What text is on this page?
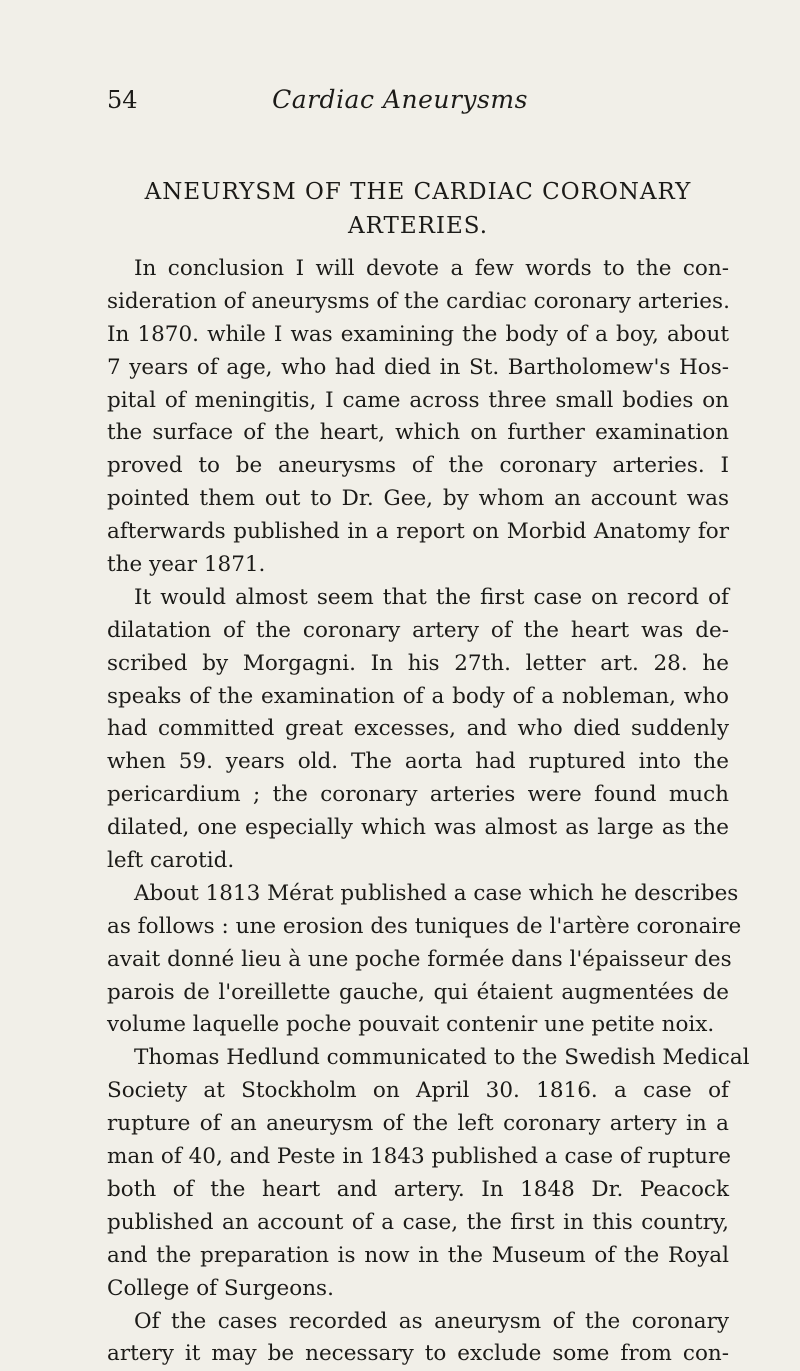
54	Cardiac Aneurysms
ANEURYSM OF THE CARDIAC CORONARY ARTERIES.
In conclusion I will devote a few words to the con-
sideration of aneurysms of the cardiac coronary arteries.
In 1870. while I was examining the body of a boy, about
7 years of age, who had died in St. Bartholomew's Hos-
pital of meningitis, I came across three small bodies on
the surface of the heart, which on further examination
proved to be aneurysms of the coronary arteries. I
pointed them out to Dr. Gee, by whom an account was
afterwards published in a report on Morbid Anatomy for
the year 1871.
It would almost seem that the first case on record of
dilatation of the coronary artery of the heart was de-
scribed by Morgagni. In his 27th. letter art. 28. he
speaks of the examination of a body of a nobleman, who
had committed great excesses, and who died suddenly
when 59. years old. The aorta had ruptured into the
pericardium ; the coronary arteries were found much
dilated, one especially which was almost as large as the
left carotid.
About 1813 Mérat published a case which he describes
as follows : une erosion des tuniques de l'artère coronaire
avait donné lieu à une poche formée dans l'épaisseur des
parois de l'oreillette gauche, qui étaient augmentées de
volume laquelle poche pouvait contenir une petite noix.
Thomas Hedlund communicated to the Swedish Medical
Society at Stockholm on April 30. 1816. a case of
rupture of an aneurysm of the left coronary artery in a
man of 40, and Peste in 1843 published a case of rupture
both of the heart and artery. In 1848 Dr. Peacock
published an account of a case, the first in this country,
and the preparation is now in the Museum of the Royal
College of Surgeons.
Of the cases recorded as aneurysm of the coronary
artery it may be necessary to exclude some from con-
